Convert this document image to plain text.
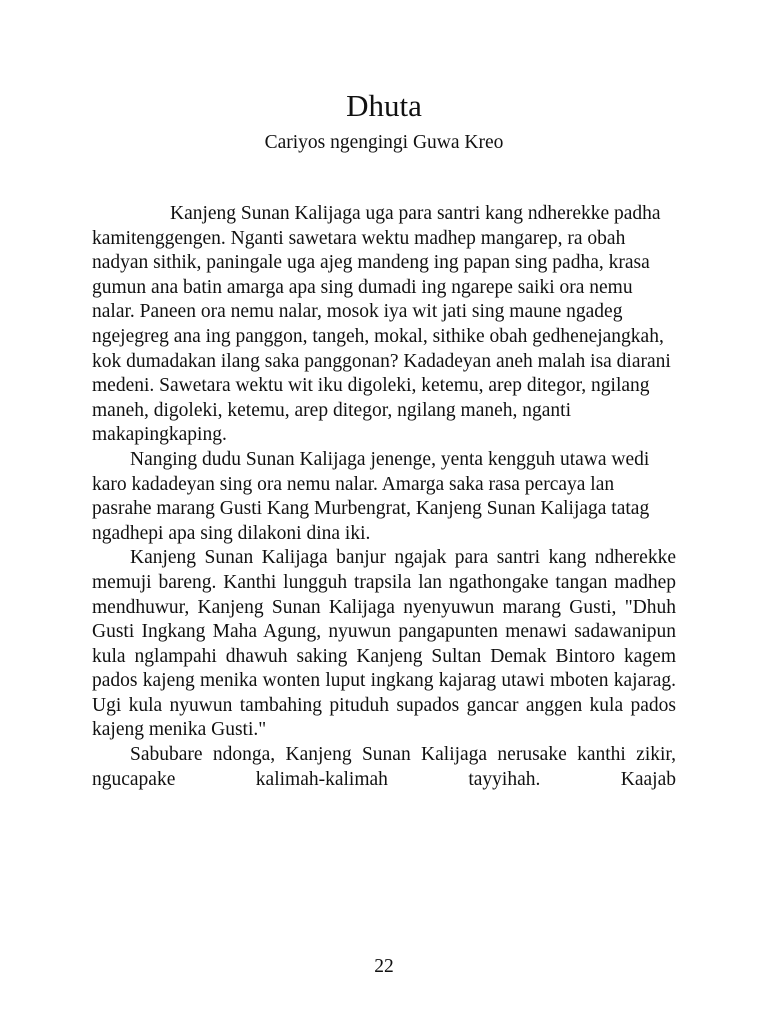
Dhuta
Cariyos ngengingi Guwa Kreo

Kanjeng Sunan Kalijaga uga para santri kang ndherekke padha kamitenggengen. Nganti sawetara wektu madhep mangarep, ra obah nadyan sithik, paningale uga ajeg mandeng ing papan sing padha, krasa gumun ana batin amarga apa sing dumadi ing ngarepe saiki ora nemu nalar. Paneen ora nemu nalar, mosok iya wit jati sing maune ngadeg ngejegreg ana ing panggon, tangeh, mokal, sithike obah gedhenejangkah, kok dumadakan ilang saka panggonan? Kadadeyan aneh malah isa diarani medeni. Sawetara wektu wit iku digoleki, ketemu, arep ditegor, ngilang maneh, digoleki, ketemu, arep ditegor, ngilang maneh, nganti makapingkaping.

Nanging dudu Sunan Kalijaga jenenge, yenta kengguh utawa wedi karo kadadeyan sing ora nemu nalar. Amarga saka rasa percaya lan pasrahe marang Gusti Kang Murbengrat, Kanjeng Sunan Kalijaga tatag ngadhepi apa sing dilakoni dina iki.

Kanjeng Sunan Kalijaga banjur ngajak para santri kang ndherekke memuji bareng. Kanthi lungguh trapsila lan ngathongake tangan madhep mendhuwur, Kanjeng Sunan Kalijaga nyenyuwun marang Gusti, "Dhuh Gusti Ingkang Maha Agung, nyuwun pangapunten menawi sadawanipun kula nglampahi dhawuh saking Kanjeng Sultan Demak Bintoro kagem pados kajeng menika wonten luput ingkang kajarag utawi mboten kajarag. Ugi kula nyuwun tambahing pituduh supados gancar anggen kula pados kajeng menika Gusti."

Sabubare ndonga, Kanjeng Sunan Kalijaga nerusake kanthi zikir, ngucapake kalimah-kalimah tayyihah. Kaajab

22
